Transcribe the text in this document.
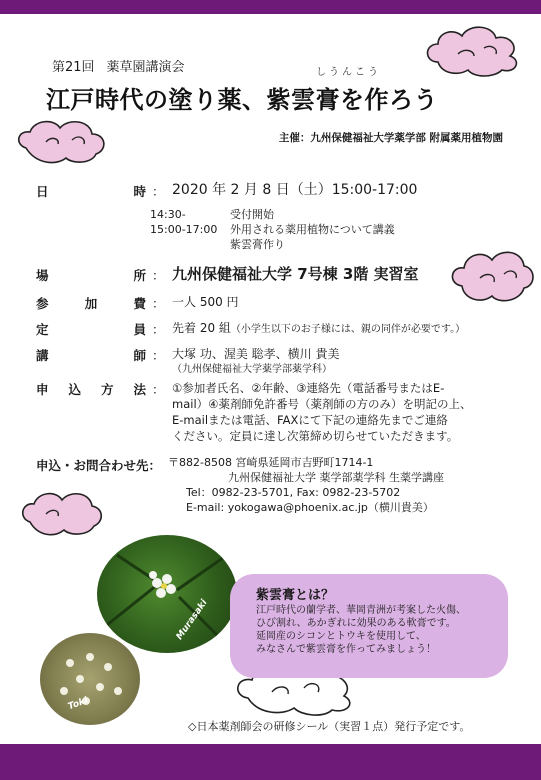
第21回 薬草園講演会	しうんこう
江戸時代の塗り薬、紫雲膏を作ろう
主催：九州保健福祉大学薬学部 附属薬用植物園
日	時 ： 2020 年 2 月 8 日（土）15:00-17:00
14:30-	受付開始
15:00-17:00 外用される薬用植物について講義
紫雲膏作り
場	所 ： 九州保健福祉大学 7号棟 3階 実習室
参	加	費 ： 一人 500 円
定	員 ： 先着 20 組（小学生以下のお子様には、親の同伴が必要です。）
講	師 ： 大塚 功、渥美 聡孝、横川 貴美
（九州保健福祉大学薬学部薬学科）
申 込 方 法 ： ①参加者氏名、②年齢、③連絡先（電話番号またはE-
mail）④薬剤師免許番号（薬剤師の方のみ）を明記の上、
E-mailまたは電話、FAXにて下記の連絡先までご連絡
ください。定員に達し次第締め切らせていただきます。
申込・お問合わせ先： 〒882-8508 宮崎県延岡市吉野町1714-1
九州保健福祉大学 薬学部薬学科 生薬学講座
Tel：0982-23-5701, Fax: 0982-23-5702
E-mail: yokogawa@phoenix.ac.jp（横川貴美）
Murasaki
Toki
紫雲膏とは？
江戸時代の蘭学者、華岡青洲が考案した火傷、
ひび割れ、あかぎれに効果のある軟膏です。
延岡産のシコンとトウキを使用して、
みなさんで紫雲膏を作ってみましょう！
◇日本薬剤師会の研修シール（実習１点）発行予定です。
